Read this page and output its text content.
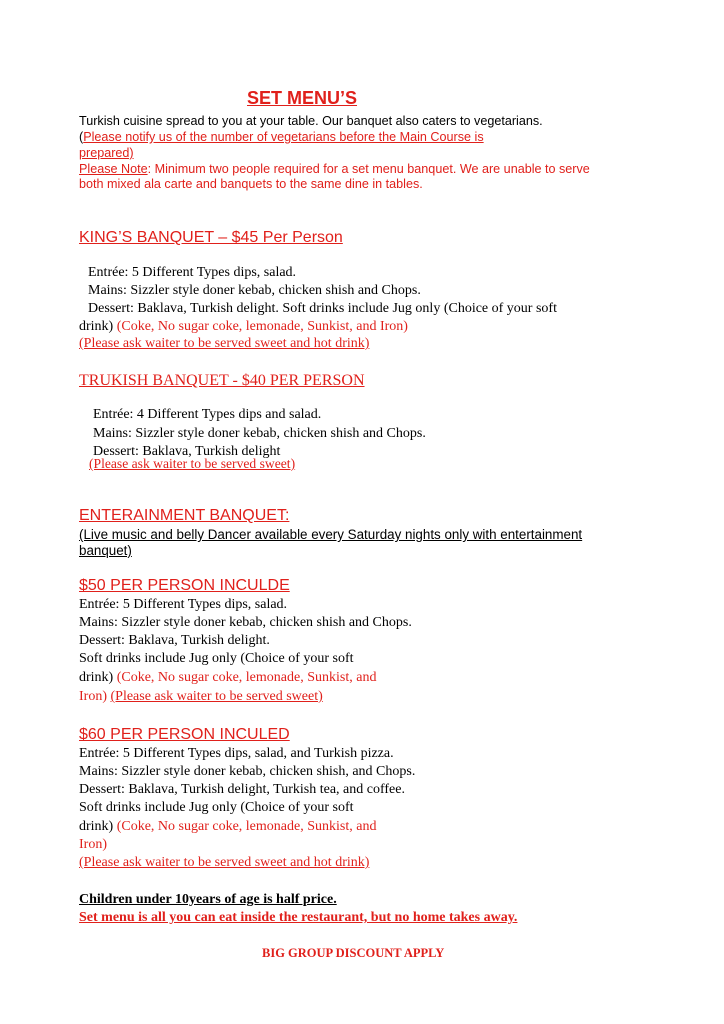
SET MENU’S
Turkish cuisine spread to you at your table. Our banquet also caters to vegetarians.
(Please notify us of the number of vegetarians before the Main Course is
prepared)
Please Note: Minimum two people required for a set menu banquet. We are unable to serve
both mixed ala carte and banquets to the same dine in tables.
KING’S BANQUET – $45 Per Person
Entrée: 5 Different Types dips, salad.
Mains: Sizzler style doner kebab, chicken shish and Chops.
Dessert: Baklava, Turkish delight. Soft drinks include Jug only (Choice of your soft
drink) (Coke, No sugar coke, lemonade, Sunkist, and Iron)
(Please ask waiter to be served sweet and hot drink)
TRUKISH BANQUET - $40 PER PERSON
Entrée: 4 Different Types dips and salad.
Mains: Sizzler style doner kebab, chicken shish and Chops.
Dessert: Baklava, Turkish delight
(Please ask waiter to be served sweet)
ENTERAINMENT BANQUET:
(Live music and belly Dancer available every Saturday nights only with entertainment
banquet)
$50 PER PERSON INCULDE
Entrée: 5 Different Types dips, salad.
Mains: Sizzler style doner kebab, chicken shish and Chops.
Dessert: Baklava, Turkish delight.
Soft drinks include Jug only (Choice of your soft
drink) (Coke, No sugar coke, lemonade, Sunkist, and
Iron) (Please ask waiter to be served sweet)
$60 PER PERSON INCULED
Entrée: 5 Different Types dips, salad, and Turkish pizza.
Mains: Sizzler style doner kebab, chicken shish, and Chops.
Dessert: Baklava, Turkish delight, Turkish tea, and coffee.
Soft drinks include Jug only (Choice of your soft
drink) (Coke, No sugar coke, lemonade, Sunkist, and
Iron)
(Please ask waiter to be served sweet and hot drink)
Children under 10years of age is half price.
Set menu is all you can eat inside the restaurant, but no home takes away.
BIG GROUP DISCOUNT APPLY
